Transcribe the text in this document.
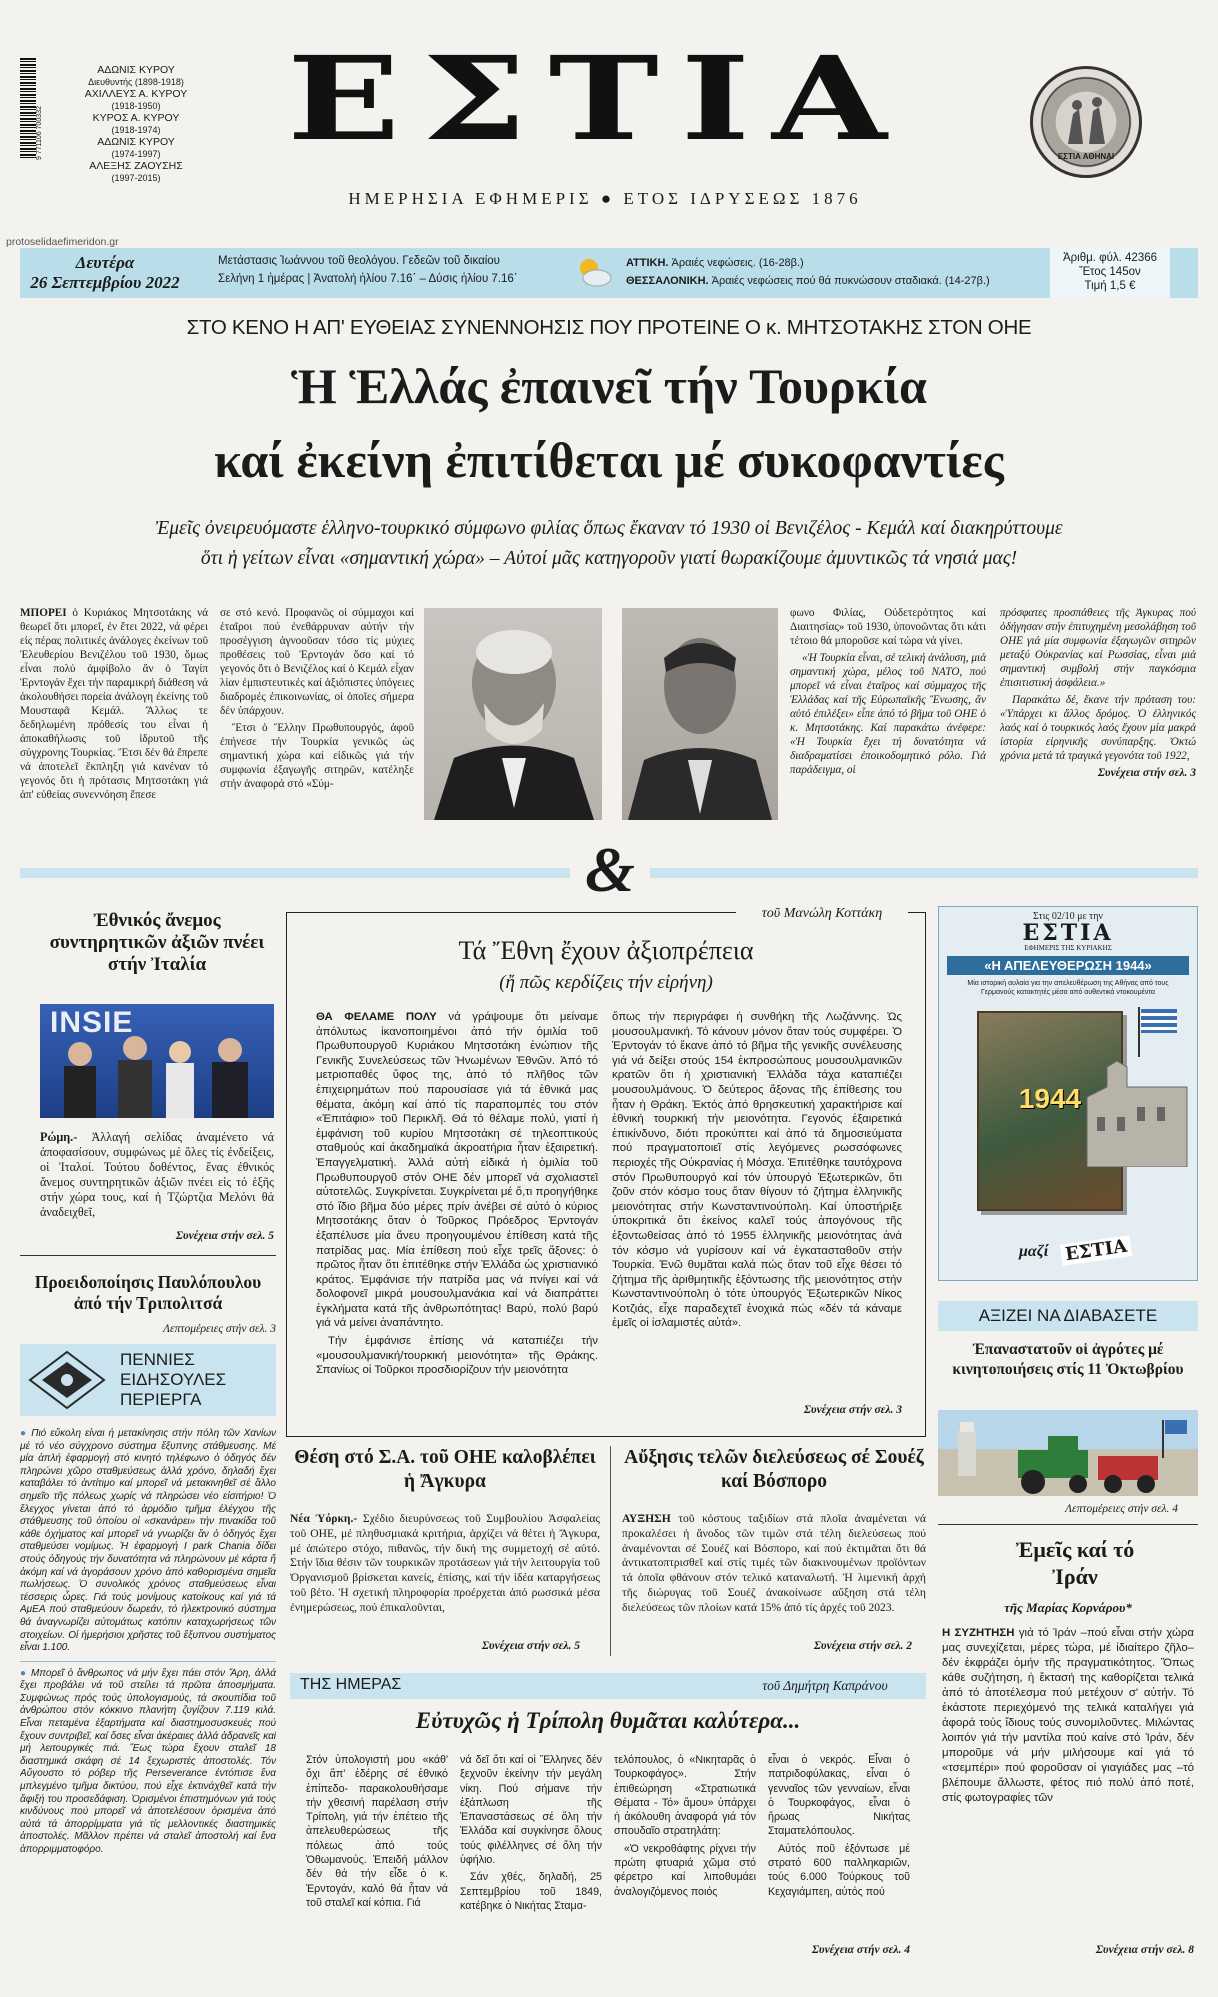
9 771106 700332
ΑΔΩΝΙΣ ΚΥΡΟΥ
Διευθυντής (1898-1918)
ΑΧΙΛΛΕΥΣ Α. ΚΥΡΟΥ
(1918-1950)
ΚΥΡΟΣ Α. ΚΥΡΟΥ
(1918-1974)
ΑΔΩΝΙΣ ΚΥΡΟΥ
(1974-1997)
ΑΛΕΞΗΣ ΖΑΟΥΣΗΣ
(1997-2015)
ΕΣΤΙΑ
ΗΜΕΡΗΣΙΑ ΕΦΗΜΕΡΙΣ ● ΕΤΟΣ ΙΔΡΥΣΕΩΣ 1876
ΕΣΤΙΑ ΑΘΗΝΑΙ
protoselidaefimeridon.gr
Δευτέρα
26 Σεπτεμβρίου 2022
Μετάστασις Ἰωάννου τοῦ θεολόγου. Γεδεῶν τοῦ δικαίου
Σελήνη 1 ἡμέρας | Ἀνατολή ἡλίου 7.16΄ – Δύσις ἡλίου 7.16΄
ΑΤΤΙΚΗ. Ἀραιές νεφώσεις. (16-28β.)
ΘΕΣΣΑΛΟΝΙΚΗ. Ἀραιές νεφώσεις πού θά πυκνώσουν σταδιακά. (14-27β.)
Ἀριθμ. φύλ. 42366
Ἔτος 145ον
Τιμή 1,5 €
ΣΤΟ ΚΕΝΟ Η ΑΠ' ΕΥΘΕΙΑΣ ΣΥΝΕΝΝΟΗΣΙΣ ΠΟΥ ΠΡΟΤΕΙΝΕ Ο κ. ΜΗΤΣΟΤΑΚΗΣ ΣΤΟΝ ΟΗΕ
Ἡ Ἑλλάς ἐπαινεῖ τήν Τουρκία
καί ἐκείνη ἐπιτίθεται μέ συκοφαντίες
Ἐμεῖς ὀνειρευόμαστε ἑλληνο-τουρκικό σύμφωνο φιλίας ὅπως ἔκαναν τό 1930 οἱ Βενιζέλος - Κεμάλ καί διακηρύττουμε
ὅτι ἡ γείτων εἶναι «σημαντική χώρα» – Αὐτοί μᾶς κατηγοροῦν γιατί θωρακίζουμε ἀμυντικῶς τά νησιά μας!
ΜΠΟΡΕΙ ὁ Κυριάκος Μητσοτάκης νά θεωρεῖ ὅτι μπορεῖ, ἐν ἔτει 2022, νά φέρει εἰς πέρας πολιτικές ἀνάλογες ἐκείνων τοῦ Ἐλευθερίου Βενιζέλου τοῦ 1930, ὅμως εἶναι πολύ ἀμφίβολο ἄν ὁ Ταγίπ Ἐρντογάν ἔχει τήν παραμικρή διάθεση νά ἀκολουθήσει πορεία ἀνάλογη ἐκείνης τοῦ Μουσταφᾶ Κεμάλ. Ἄλλως τε δεδηλωμένη πρόθεσίς του εἶναι ἡ ἀποκαθήλωσις τοῦ ἱδρυτοῦ τῆς σύγχρονης Τουρκίας. Ἔτσι δέν θά ἔπρεπε νά ἀποτελεῖ ἔκπληξη γιά κανέναν τό γεγονός ὅτι ἡ πρότασις Μητσοτάκη γιά ἀπ' εὐθείας συνεννόηση ἔπεσε

σε στό κενό. Προφανῶς οἱ σύμμαχοι καί ἑταῖροι πού ἐνεθάρρυναν αὐτήν τήν προσέγγιση ἀγνοοῦσαν τόσο τίς μύχιες προθέσεις τοῦ Ἐρντογάν ὅσο καί τό γεγονός ὅτι ὁ Βενιζέλος καί ὁ Κεμάλ εἶχαν λίαν ἐμπιστευτικές καί ἀξιόπιστες ὑπόγειες διαδρομές ἐπικοινωνίας, οἱ ὁποῖες σήμερα δέν ὑπάρχουν.

Ἔτσι ὁ Ἕλλην Πρωθυπουργός, ἀφοῦ ἐπήνεσε τήν Τουρκία γενικῶς ὡς σημαντική χώρα καί εἰδικῶς γιά τήν συμφωνία ἐξαγωγῆς σιτηρῶν, κατέληξε στήν ἀναφορά στό «Σύμ-

φωνο Φιλίας, Οὐδετερότητος καί Διαιτησίας» τοῦ 1930, ὑπονοῶντας ὅτι κάτι τέτοιο θά μποροῦσε καί τώρα νά γίνει.

«Ἡ Τουρκία εἶναι, σέ τελική ἀνάλυση, μιά σημαντική χώρα, μέλος τοῦ ΝΑΤΟ, πού μπορεῖ νά εἶναι ἑταῖρος καί σύμμαχος τῆς Ἑλλάδας καί τῆς Εὐρωπαϊκῆς Ἕνωσης, ἄν αὐτό ἐπιλέξει» εἶπε ἀπό τό βῆμα τοῦ ΟΗΕ ὁ κ. Μητσοτάκης. Καί παρακάτω ἀνέφερε: «Ἡ Τουρκία ἔχει τή δυνατότητα νά διαδραματίσει ἐποικοδομητικό ρόλο. Γιά παράδειγμα, οἱ

πρόσφατες προσπάθειες τῆς Ἀγκυρας πού ὁδήγησαν στήν ἐπιτυχημένη μεσολάβηση τοῦ ΟΗΕ γιά μία συμφωνία ἐξαγωγῶν σιτηρῶν μεταξύ Οὐκρανίας καί Ρωσσίας, εἶναι μιά σημαντική συμβολή στήν παγκόσμια ἐπισιτιστική ἀσφάλεια.»

Παρακάτω δέ, ἔκανε τήν πρόταση του: «Ὑπάρχει κι ἄλλος δρόμος. Ὁ ἑλληνικός λαός καί ὁ τουρκικός λαός ἔχουν μία μακρά ἱστορία εἰρηνικῆς συνύπαρξης. Ὀκτώ χρόνια μετά τά τραγικά γεγονότα τοῦ 1922,

Συνέχεια στήν σελ. 3
&
Ἐθνικός ἄνεμος συντηρητικῶν ἀξιῶν πνέει στήν Ἰταλία
INSIE
Ρώμη.- Ἀλλαγή σελίδας ἀναμένετο νά ἀποφασίσουν, συμφώνως μέ ὅλες τίς ἐνδείξεις, οἱ Ἰταλοί. Τούτου δοθέντος, ἕνας ἐθνικός ἄνεμος συντηρητικῶν ἀξιῶν πνέει εἰς τό ἑξῆς στήν χώρα τους, καί ἡ Τζώρτζια Μελόνι θά ἀναδειχθεῖ,
Συνέχεια στήν σελ. 5
Προειδοποίησις Παυλόπουλου ἀπό τήν Τριπολιτσά
Λεπτομέρειες στήν σελ. 3
ΠΕΝΝΙΕΣ
ΕΙΔΗΣΟΥΛΕΣ
ΠΕΡΙΕΡΓΑ

● Πιό εὔκολη εἶναι ἡ μετακίνησις στήν πόλη τῶν Χανίων μέ τό νέο σύγχρονο σύστημα ἔξυπνης στάθμευσης. Μέ μία ἁπλή ἐφαρμογή στό κινητό τηλέφωνο ὁ ὁδηγός δέν πληρώνει χῶρο σταθμεύσεως ἀλλά χρόνο, δηλαδή ἔχει καταβάλει τό ἀντίτιμο καί μπορεῖ νά μετακινηθεῖ σέ ἄλλο σημεῖο τῆς πόλεως χωρίς νά πληρώσει νέο εἰσιτήριο! Ὁ ἔλεγχος γίνεται ἀπό τό ἁρμόδιο τμῆμα ἐλέγχου τῆς στάθμευσης τοῦ ὁποίου οἱ «σκανάρει» τήν πινακίδα τοῦ κάθε ὀχήματος καί μπορεῖ νά γνωρίζει ἄν ὁ ὁδηγός ἔχει σταθμεύσει νομίμως. Ἡ ἐφαρμογή I park Chania δίδει στούς ὁδηγούς τήν δυνατότητα νά πληρώνουν μέ κάρτα ἤ ἀκόμη καί νά ἀγοράσουν χρόνο ἀπό καθορισμένα σημεῖα πωλήσεως. Ὁ συνολικός χρόνος σταθμεύσεως εἶναι τέσσερις ὧρες. Γιά τούς μονίμους κατοίκους καί γιά τά ΑμΕΑ πού σταθμεύουν δωρεάν, τό ἠλεκτρονικό σύστημα θά ἀναγνωρίζει αὐτομάτως κατόπιν καταχωρήσεως τῶν στοιχείων. Οἱ ἡμερήσιοι χρῆστες τοῦ ἔξυπνου συστήματος εἶναι 1.100.

● Μπορεῖ ὁ ἄνθρωπος νά μήν ἔχει πάει στόν Ἄρη, ἀλλά ἔχει προβάλει νά τοῦ στείλει τά πρῶτα ἀποσμήματα. Συμφώνως πρός τούς ὑπολογισμούς, τά σκουπίδια τοῦ ἀνθρώπου στόν κόκκινο πλανήτη ζυγίζουν 7.119 κιλά. Εἶναι πεταμένα ἐξαρτήματα καί διαστημοσυσκευές πού ἔχουν συντριβεῖ, καί ὅσες εἶναι ἀκέραιες ἀλλά ἀδρανεῖς καί μή λειτουργικές πιά. Ἕως τώρα ἔχουν σταλεῖ 18 διαστημικά σκάφη σέ 14 ξεχωριστές ἀποστολές. Τόν Αὔγουστο τό ρόβερ τῆς Perseverance ἐντόπισε ἕνα μπλεγμένο τμῆμα δικτύου, πού εἶχε ἐκτινάχθεῖ κατά τήν ἄφιξή του προσεδάφιση. Ὁρισμένοι ἐπιστημόνων γιά τούς κινδύνους πού μπορεῖ νά ἀποτελέσουν ὁρισμένα ἀπό αὐτά τά ἀπορρίμματα γιά τίς μελλοντικές διαστημικές ἀποστολές. Μᾶλλον πρέπει νά σταλεῖ ἀποστολή καί ἕνα ἀπορριμματοφόρο.

τοῦ Μανώλη Κοττάκη
Τά Ἔθνη ἔχουν ἀξιοπρέπεια
(ἤ πῶς κερδίζεις τήν εἰρήνη)

ΘΑ ΦΕΛΑΜΕ ΠΟΛΥ νά γράψουμε ὅτι μείναμε ἀπόλυτως ἱκανοποιημένοι ἀπό τήν ὁμιλία τοῦ Πρωθυπουργοῦ Κυριάκου Μητσοτάκη ἐνώπιον τῆς Γενικῆς Συνελεύσεως τῶν Ἡνωμένων Ἐθνῶν. Ἀπό τό μετριοπαθές ὕφος της, ἀπό τό πλῆθος τῶν ἐπιχειρημάτων πού παρουσίασε γιά τά ἐθνικά μας θέματα, ἀκόμη καί ἀπό τίς παραπομπές του στόν «Ἐπιτάφιο» τοῦ Περικλῆ. Θά τό θέλαμε πολύ, γιατί ἡ ἐμφάνιση τοῦ κυρίου Μητσοτάκη σέ τηλεοπτικούς σταθμούς καί ἀκαδημαϊκά ἀκροατήρια ἦταν ἐξαιρετική. Ἐπαγγελματική. Ἀλλά αὐτή εἰδικά ἡ ὁμιλία τοῦ Πρωθυπουργοῦ στόν ΟΗΕ δέν μπορεῖ νά σχολιαστεῖ αὐτοτελῶς. Συγκρίνεται. Συγκρίνεται μέ ὅ,τι προηγήθηκε στό ἴδιο βῆμα δύο μέρες πρίν ἀνέβει σέ αὐτό ὁ κύριος Μητσοτάκης ὅταν ὁ Τοῦρκος Πρόεδρος Ἐρντογάν ἐξαπέλυσε μία ἄνευ προηγουμένου ἐπίθεση κατά τῆς πατρίδας μας. Μία ἐπίθεση πού εἶχε τρεῖς ἄξονες: ὁ πρῶτος ἦταν ὅτι ἐπιτέθηκε στήν Ἑλλάδα ὡς χριστιανικό κράτος. Ἐμφάνισε τήν πατρίδα μας νά πνίγει καί νά δολοφονεῖ μικρά μουσουλμανάκια καί νά διαπράττει ἐγκλήματα κατά τῆς ἀνθρωπότητας! Βαρύ, πολύ βαρύ γιά νά μείνει ἀναπάντητο.

Τήν ἐμφάνισε ἐπίσης νά καταπιέζει τήν «μουσουλμανική/τουρκική μειονότητα» τῆς Θράκης. Σπανίως οἱ Τοῦρκοι προσδιορίζουν τήν μειονότητα

ὅπως τήν περιγράφει ἡ συνθήκη τῆς Λωζάννης. Ὡς μουσουλμανική. Τό κάνουν μόνον ὅταν τούς συμφέρει. Ὁ Ἐρντογάν τό ἔκανε ἀπό τό βῆμα τῆς γενικῆς συνέλευσης γιά νά δείξει στούς 154 ἐκπροσώπους μουσουλμανικῶν κρατῶν ὅτι ἡ χριστιανική Ἑλλάδα τάχα καταπιέζει μουσουλμάνους. Ὁ δεύτερος ἄξονας τῆς ἐπίθεσης του ἦταν ἡ Θράκη. Ἐκτός ἀπό θρησκευτική χαρακτήρισε καί ἐθνική τουρκική τήν μειονότητα. Γεγονός ἐξαιρετικά ἐπικίνδυνο, διότι προκύπτει καί ἀπό τά δημοσιεύματα πού πραγματοποιεῖ στίς λεγόμενες ρωσσόφωνες περιοχές τῆς Οὐκρανίας ἡ Μόσχα. Ἐπιτέθηκε ταυτόχρονα στόν Πρωθυπουργό καί τόν ὑπουργό Ἐξωτερικῶν, ὅτι ζοῦν στόν κόσμο τους ὅταν θίγουν τό ζήτημα ἑλληνικῆς μειονότητας στήν Κωνσταντινούπολη. Καί ὑποστήριξε ὑποκριτικά ὅτι ἐκείνος καλεῖ τούς ἀπογόνους τῆς ἐξοντωθείσας ἀπό τό 1955 ἑλληνικῆς μειονότητας ἀνά τόν κόσμο νά γυρίσουν καί νά ἐγκατασταθοῦν στήν Τουρκία. Ἐνῶ θυμᾶται καλά πώς ὅταν τοῦ εἶχε θέσει τό ζήτημα τῆς ἀριθμητικῆς ἐξόντωσης τῆς μειονότητος στήν Κωνσταντινούπολη ὁ τότε ὑπουργός Ἐξωτερικῶν Νίκος Κοτζιάς, εἶχε παραδεχτεῖ ἐνοχικά πώς «δέν τά κάναμε ἐμεῖς οἱ ἰσλαμιστές αὐτά».

Συνέχεια στήν σελ. 3
Στις 02/10 με την
ΕΣΤΙΑ
ΕΦΗΜΕΡΙΣ ΤΗΣ ΚΥΡΙΑΚΗΣ
«Η ΑΠΕΛΕΥΘΕΡΩΣΗ 1944»
Μία ιστορική αυλαία για την απελευθέρωση της Αθήνας από τους Γερμανούς κατακτητές μέσα από αυθεντικά ντοκουμέντα
1944
μαζί ΕΣΤΙΑ
ΑΞΙΖΕΙ ΝΑ ΔΙΑΒΑΣΕΤΕ
Ἐπαναστατοῦν οἱ ἀγρότες μέ κινητοποιήσεις στίς 11 Ὀκτωβρίου
Λεπτομέρειες στήν σελ. 4
Θέση στό Σ.Α. τοῦ ΟΗΕ καλοβλέπει ἡ Ἄγκυρα
Νέα Ὑόρκη.- Σχέδιο διευρύνσεως τοῦ Συμβουλίου Ἀσφαλείας τοῦ ΟΗΕ, μέ πληθυσμιακά κριτήρια, ἀρχίζει νά θέτει ἡ Ἄγκυρα, μέ ἀπώτερο στόχο, πιθανῶς, τήν δική της συμμετοχή σέ αὐτό. Στήν ἴδια θέσιν τῶν τουρκικῶν προτάσεων γιά τήν λειτουργία τοῦ Ὀργανισμοῦ βρίσκεται κανείς, ἐπίσης, καί τήν ἰδέα καταργήσεως τοῦ βέτο. Ἡ σχετική πληροφορία προέρχεται ἀπό ρωσσικά μέσα ἐνημερώσεως, πού ἐπικαλοῦνται,
Συνέχεια στήν σελ. 5
Αὔξησις τελῶν διελεύσεως σέ Σουέζ καί Βόσπορο
ΑΥΞΗΣΗ τοῦ κόστους ταξιδίων στά πλοῖα ἀναμένεται νά προκαλέσει ἡ ἄνοδος τῶν τιμῶν στά τέλη διελεύσεως πού ἀναμένονται σέ Σουέζ καί Βόσπορο, καί πού ἐκτιμᾶται ὅτι θά ἀντικατοπτρισθεῖ καί στίς τιμές τῶν διακινουμένων προϊόντων τά ὁποῖα φθάνουν στόν τελικό καταναλωτή. Ἡ λιμενική ἀρχή τῆς διώρυγας τοῦ Σουέζ ἀνακοίνωσε αὔξηση στά τέλη διελεύσεως τῶν πλοίων κατά 15% ἀπό τίς ἀρχές τοῦ 2023.
Συνέχεια στήν σελ. 2
ΤΗΣ ΗΜΕΡΑΣ	τοῦ Δημήτρη Καπράνου
Εὐτυχῶς ἡ Τρίπολη θυμᾶται καλύτερα...

Στόν ὑπολογιστή μου «κάθ' ὄχι ἄπ' ἐδέρης σέ ἐθνικό ἐπίπεδο- παρακολουθήσαμε τήν χθεσινή παρέλαση στήν Τρίπολη, γιά τήν ἐπέτειο τῆς ἀπελευθερώσεως τῆς πόλεως ἀπό τούς Ὀθωμανούς. Ἐπειδή μάλλον δέν θά τήν εἶδε ὁ κ. Ἐρντογάν, καλό θά ἦταν νά τοῦ σταλεῖ καί κόπια. Γιά

νά δεῖ ὅτι καί οἱ Ἕλληνες δέν ξεχνοῦν ἐκείνην τήν μεγάλη νίκη. Πού σήμανε τήν ἐξάπλωση τῆς Ἐπαναστάσεως σέ ὅλη τήν Ἑλλάδα καί συγκίνησε ὅλους τούς φιλέλληνες σέ ὅλη τήν ὑφήλιο.

Σάν χθές, δηλαδή, 25 Σεπτεμβρίου τοῦ 1849, κατέβηκε ὁ Νικήτας Σταμα-

τελόπουλος, ὁ «Νικηταρᾶς ὁ Τουρκοφάγος». Στήν ἐπιθεώρηση «Στρατιωτικά Θέματα - Τό» ἄμου» ὑπάρχει ἡ ἀκόλουθη ἀναφορά γιά τόν σπουδαῖο στρατηλάτη:

«Ὁ νεκροθάφτης ρίχνει τήν πρώτη φτυαριά χῶμα στό φέρετρο καί λιποθυμάει ἀναλογιζόμενος ποιός

εἶναι ὁ νεκρός. Εἶναι ὁ πατριδοφύλακας, εἶναι ὁ γενναῖος τῶν γενναίων, εἶναι ὁ Τουρκοφάγος, εἶναι ὁ ἥρωας Νικήτας Σταματελόπουλος.

Αὐτός ποῦ ἐξόντωσε μέ στρατό 600 παλληκαριῶν, τούς 6.000 Τούρκους τοῦ Κεχαγιάμπεη, αὐτός πού

Συνέχεια στήν σελ. 4
Ἐμεῖς καί τό Ἰράν
τῆς Μαρίας Κορνάρου*
Η ΣΥΖΗΤΗΣΗ γιά τό Ἰράν –πού εἶναι στήν χώρα μας συνεχίζεται, μέρες τώρα, μέ ἰδιαίτερο ζῆλο– δέν ἐκφράζει ὁμήν τῆς πραγματικότητος. Ὅπως κάθε συζήτηση, ἡ ἔκτασή της καθορίζεται τελικά ἀπό τό ἀποτέλεσμα πού μετέχουν σ' αὐτήν. Τό ἐκάστοτε περιεχόμενό της τελικά καταλήγει γιά ἀφορά τούς ἴδιους τούς συνομιλοῦντες. Μιλώντας λοιπόν γιά τήν μαντίλα πού καίνε στό Ἰράν, δέν μποροῦμε νά μήν μιλήσουμε καί γιά τό «τσεμπέρι» πού φοροῦσαν οἱ γιαγιάδες μας –τό βλέπουμε ἄλλωστε, φέτος πιό πολύ ἀπό ποτέ, στίς φωτογραφίες τῶν
Συνέχεια στήν σελ. 8
